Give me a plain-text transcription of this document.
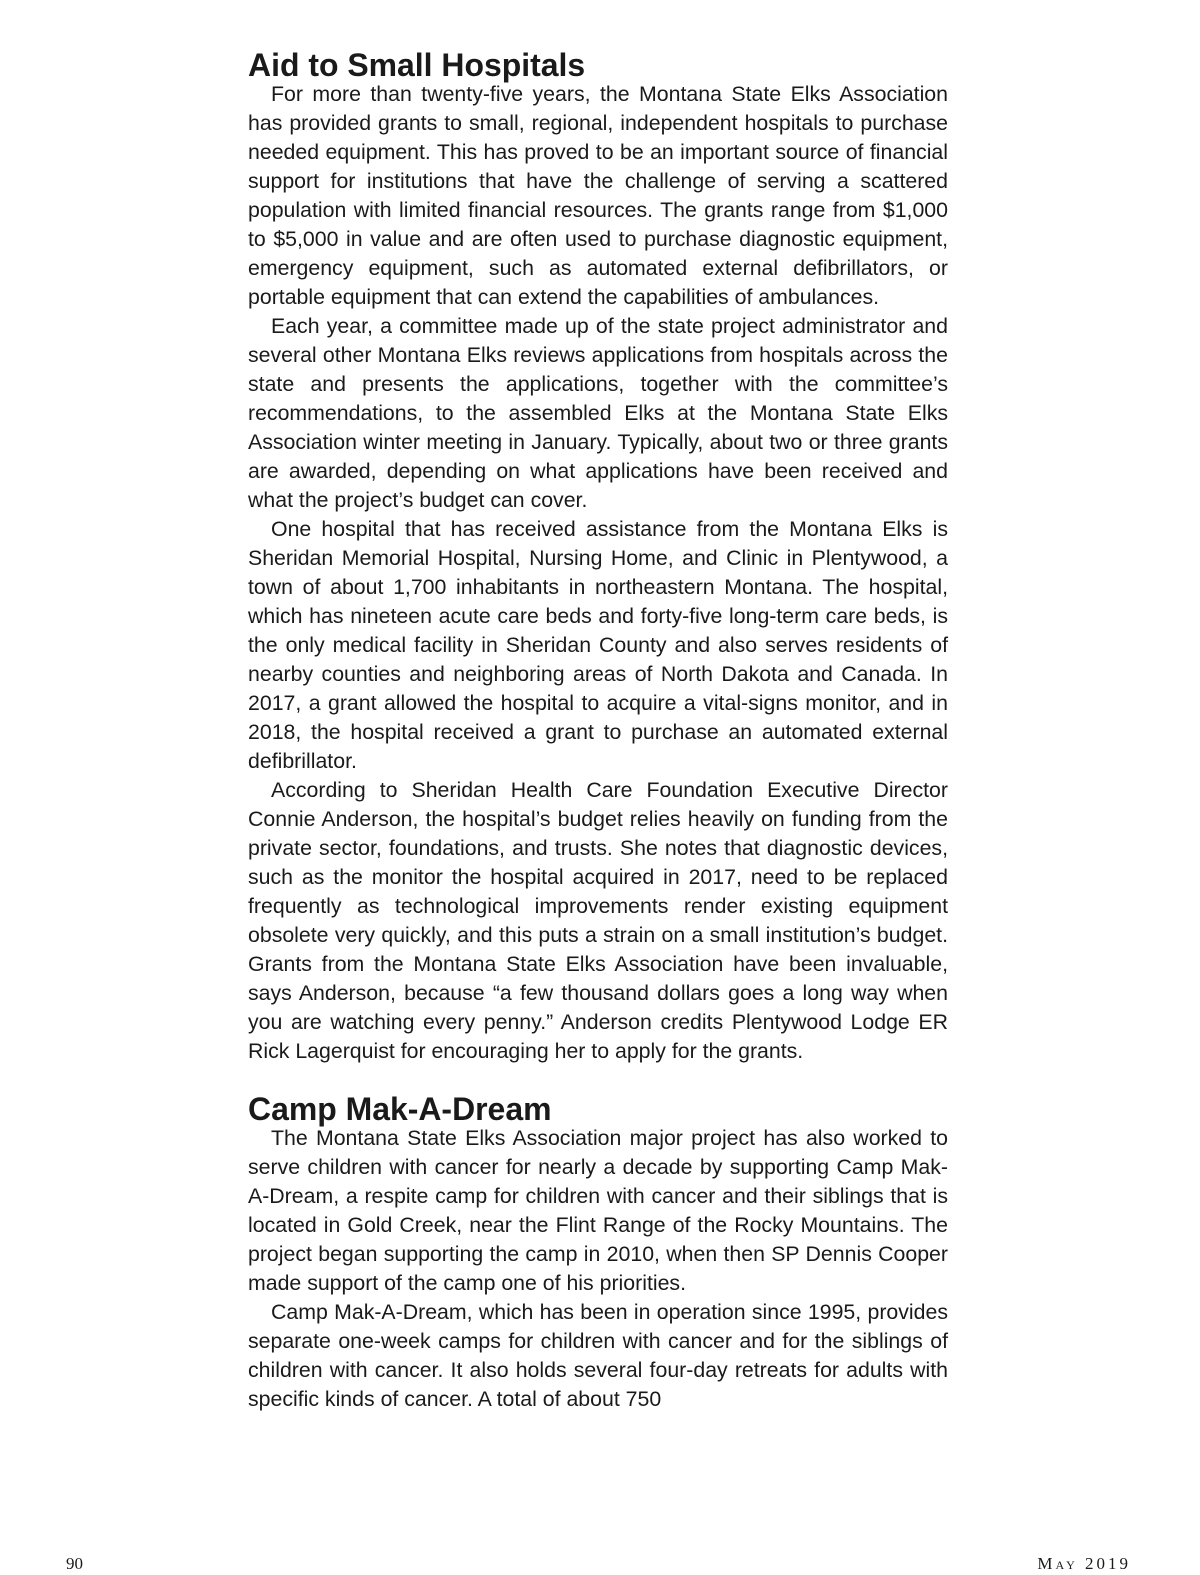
Aid to Small Hospitals

For more than twenty-five years, the Montana State Elks Association has provided grants to small, regional, independent hospitals to purchase needed equipment. This has proved to be an important source of financial support for institutions that have the challenge of serving a scattered population with limited financial resources. The grants range from $1,000 to $5,000 in value and are often used to purchase diagnostic equipment, emergency equipment, such as automated external defibrillators, or portable equipment that can extend the capabilities of ambulances.

Each year, a committee made up of the state project administrator and several other Montana Elks reviews applications from hospitals across the state and presents the applications, together with the committee’s recommendations, to the assembled Elks at the Montana State Elks Association winter meeting in January. Typically, about two or three grants are awarded, depending on what applications have been received and what the project’s budget can cover.

One hospital that has received assistance from the Montana Elks is Sheridan Memorial Hospital, Nursing Home, and Clinic in Plentywood, a town of about 1,700 inhabitants in northeastern Montana. The hospital, which has nineteen acute care beds and forty-five long-term care beds, is the only medical facility in Sheridan County and also serves residents of nearby counties and neighboring areas of North Dakota and Canada. In 2017, a grant allowed the hospital to acquire a vital-signs monitor, and in 2018, the hospital received a grant to purchase an automated external defibrillator.

According to Sheridan Health Care Foundation Executive Director Connie Anderson, the hospital’s budget relies heavily on funding from the private sector, foundations, and trusts. She notes that diagnostic devices, such as the monitor the hospital acquired in 2017, need to be replaced frequently as technological improvements render existing equipment obsolete very quickly, and this puts a strain on a small institution’s budget. Grants from the Montana State Elks Association have been invaluable, says Anderson, because “a few thousand dollars goes a long way when you are watching every penny.” Anderson credits Plentywood Lodge ER Rick Lagerquist for encouraging her to apply for the grants.

Camp Mak-A-Dream

The Montana State Elks Association major project has also worked to serve children with cancer for nearly a decade by supporting Camp Mak-A-Dream, a respite camp for children with cancer and their siblings that is located in Gold Creek, near the Flint Range of the Rocky Mountains. The project began supporting the camp in 2010, when then SP Dennis Cooper made support of the camp one of his priorities.

Camp Mak-A-Dream, which has been in operation since 1995, provides separate one-week camps for children with cancer and for the siblings of children with cancer. It also holds several four-day retreats for adults with specific kinds of cancer. A total of about 750

90	May 2019
